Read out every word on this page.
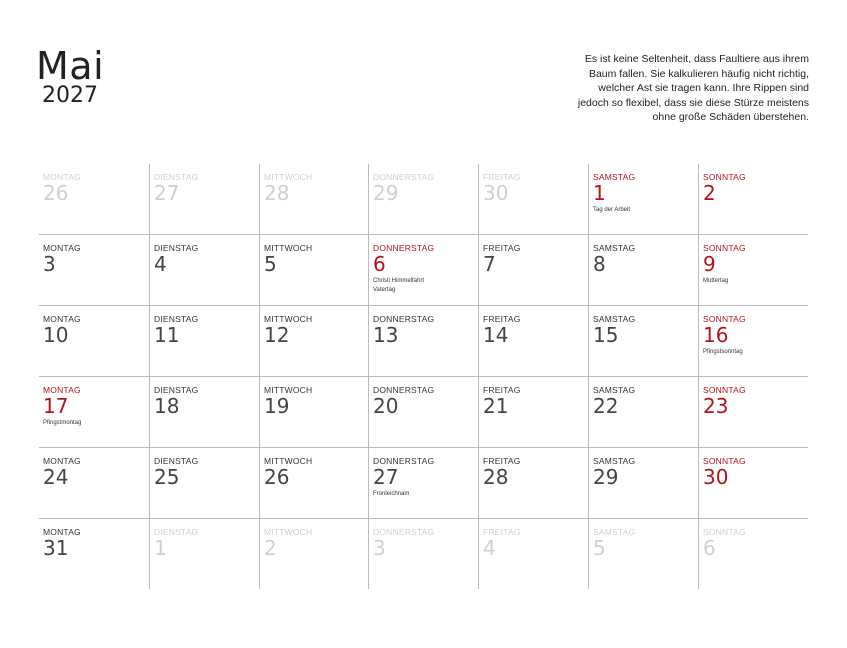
Mai
2027
Es ist keine Seltenheit, dass Faultiere aus ihrem
Baum fallen. Sie kalkulieren häufig nicht richtig,
welcher Ast sie tragen kann. Ihre Rippen sind
jedoch so flexibel, dass sie diese Stürze meistens
ohne große Schäden überstehen.
MONTAG
26
DIENSTAG
27
MITTWOCH
28
DONNERSTAG
29
FREITAG
30
SAMSTAG
1
Tag der Arbeit
SONNTAG
2
MONTAG
3
DIENSTAG
4
MITTWOCH
5
DONNERSTAG
6
Christi Himmelfahrt
Vatertag
FREITAG
7
SAMSTAG
8
SONNTAG
9
Muttertag
MONTAG
10
DIENSTAG
11
MITTWOCH
12
DONNERSTAG
13
FREITAG
14
SAMSTAG
15
SONNTAG
16
Pfingstsonntag
MONTAG
17
Pfingstmontag
DIENSTAG
18
MITTWOCH
19
DONNERSTAG
20
FREITAG
21
SAMSTAG
22
SONNTAG
23
MONTAG
24
DIENSTAG
25
MITTWOCH
26
DONNERSTAG
27
Fronleichnam
FREITAG
28
SAMSTAG
29
SONNTAG
30
MONTAG
31
DIENSTAG
1
MITTWOCH
2
DONNERSTAG
3
FREITAG
4
SAMSTAG
5
SONNTAG
6
